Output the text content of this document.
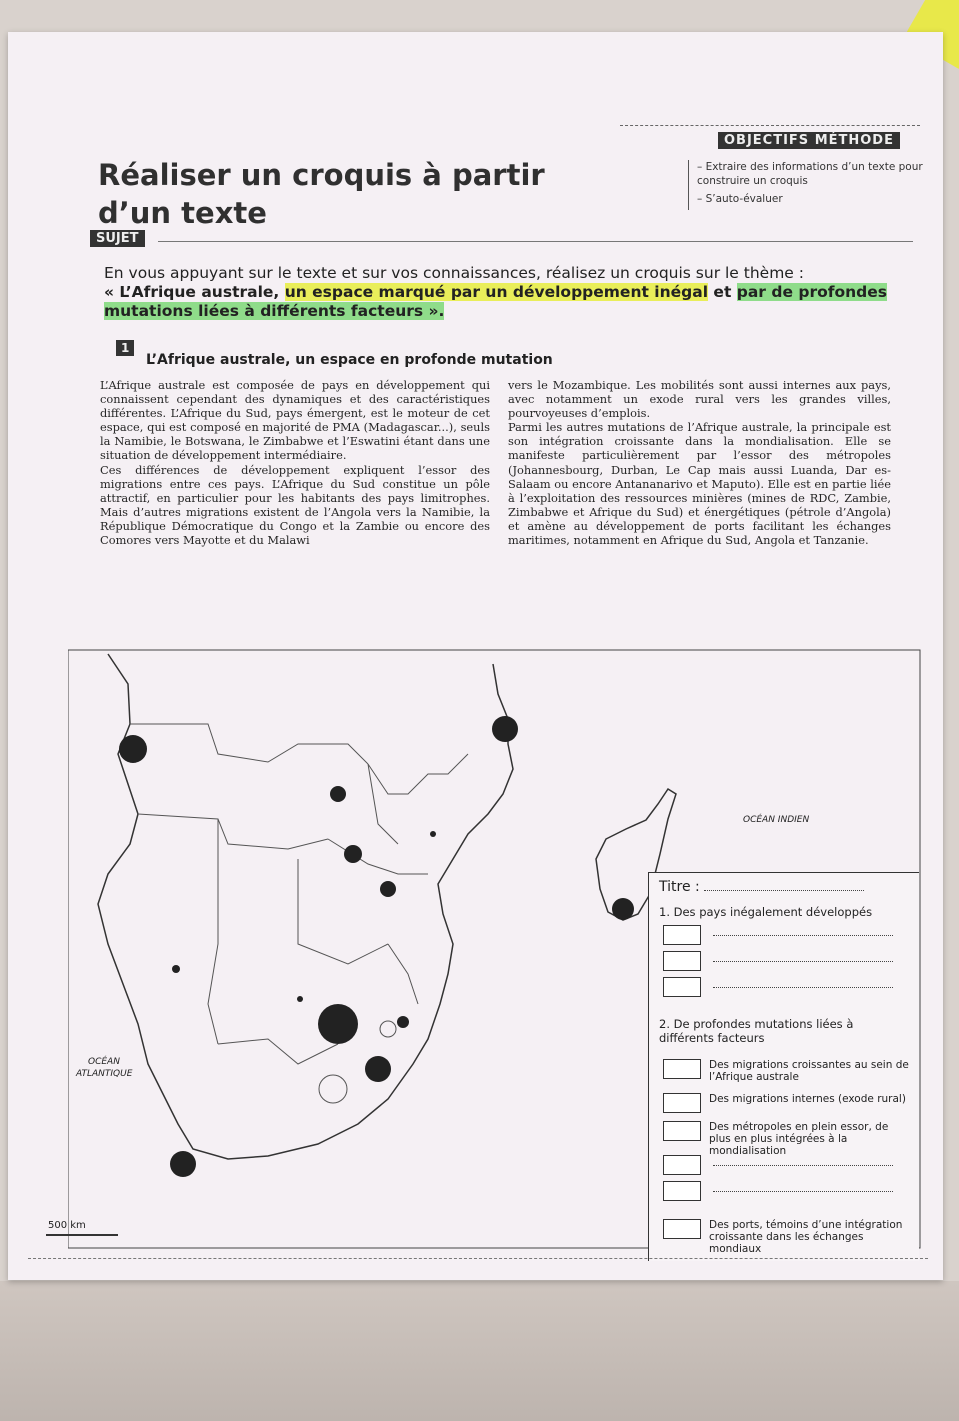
OBJECTIFS MÉTHODE
– Extraire des informations d’un texte pour construire un croquis
– S’auto-évaluer
Réaliser un croquis à partir
d’un texte
SUJET
En vous appuyant sur le texte et sur vos connaissances, réalisez un croquis sur le thème :
« L’Afrique australe, un espace marqué par un développement inégal et par de profondes mutations liées à différents facteurs ».
1
L’Afrique australe, un espace en profonde mutation

L’Afrique australe est composée de pays en développement qui connaissent cependant des dynamiques et des caractéristiques différentes. L’Afrique du Sud, pays émergent, est le moteur de cet espace, qui est composé en majorité de PMA (Madagascar...), seuls la Namibie, le Botswana, le Zimbabwe et l’Eswatini étant dans une situation de développement intermédiaire.

Ces différences de développement expliquent l’essor des migrations entre ces pays. L’Afrique du Sud constitue un pôle attractif, en particulier pour les habitants des pays limitrophes. Mais d’autres migrations existent de l’Angola vers la Namibie, la République Démocratique du Congo et la Zambie ou encore des Comores vers Mayotte et du Malawi

vers le Mozambique. Les mobilités sont aussi internes aux pays, avec notamment un exode rural vers les grandes villes, pourvoyeuses d’emplois.

Parmi les autres mutations de l’Afrique australe, la principale est son intégration croissante dans la mondialisation. Elle se manifeste particulièrement par l’essor des métropoles (Johannesbourg, Durban, Le Cap mais aussi Luanda, Dar es-Salaam ou encore Antananarivo et Maputo). Elle est en partie liée à l’exploitation des ressources minières (mines de RDC, Zambie, Zimbabwe et Afrique du Sud) et énergétiques (pétrole d’Angola) et amène au développement de ports facilitant les échanges maritimes, notamment en Afrique du Sud, Angola et Tanzanie.

OCÉAN INDIEN
OCÉAN
ATLANTIQUE
500 km
Titre :
1. Des pays inégalement développés
2. De profondes mutations liées à différents facteurs
Des migrations croissantes au sein de l’Afrique australe
Des migrations internes (exode rural)
Des métropoles en plein essor, de plus en plus intégrées à la mondialisation
Des ports, témoins d’une intégration croissante dans les échanges mondiaux
